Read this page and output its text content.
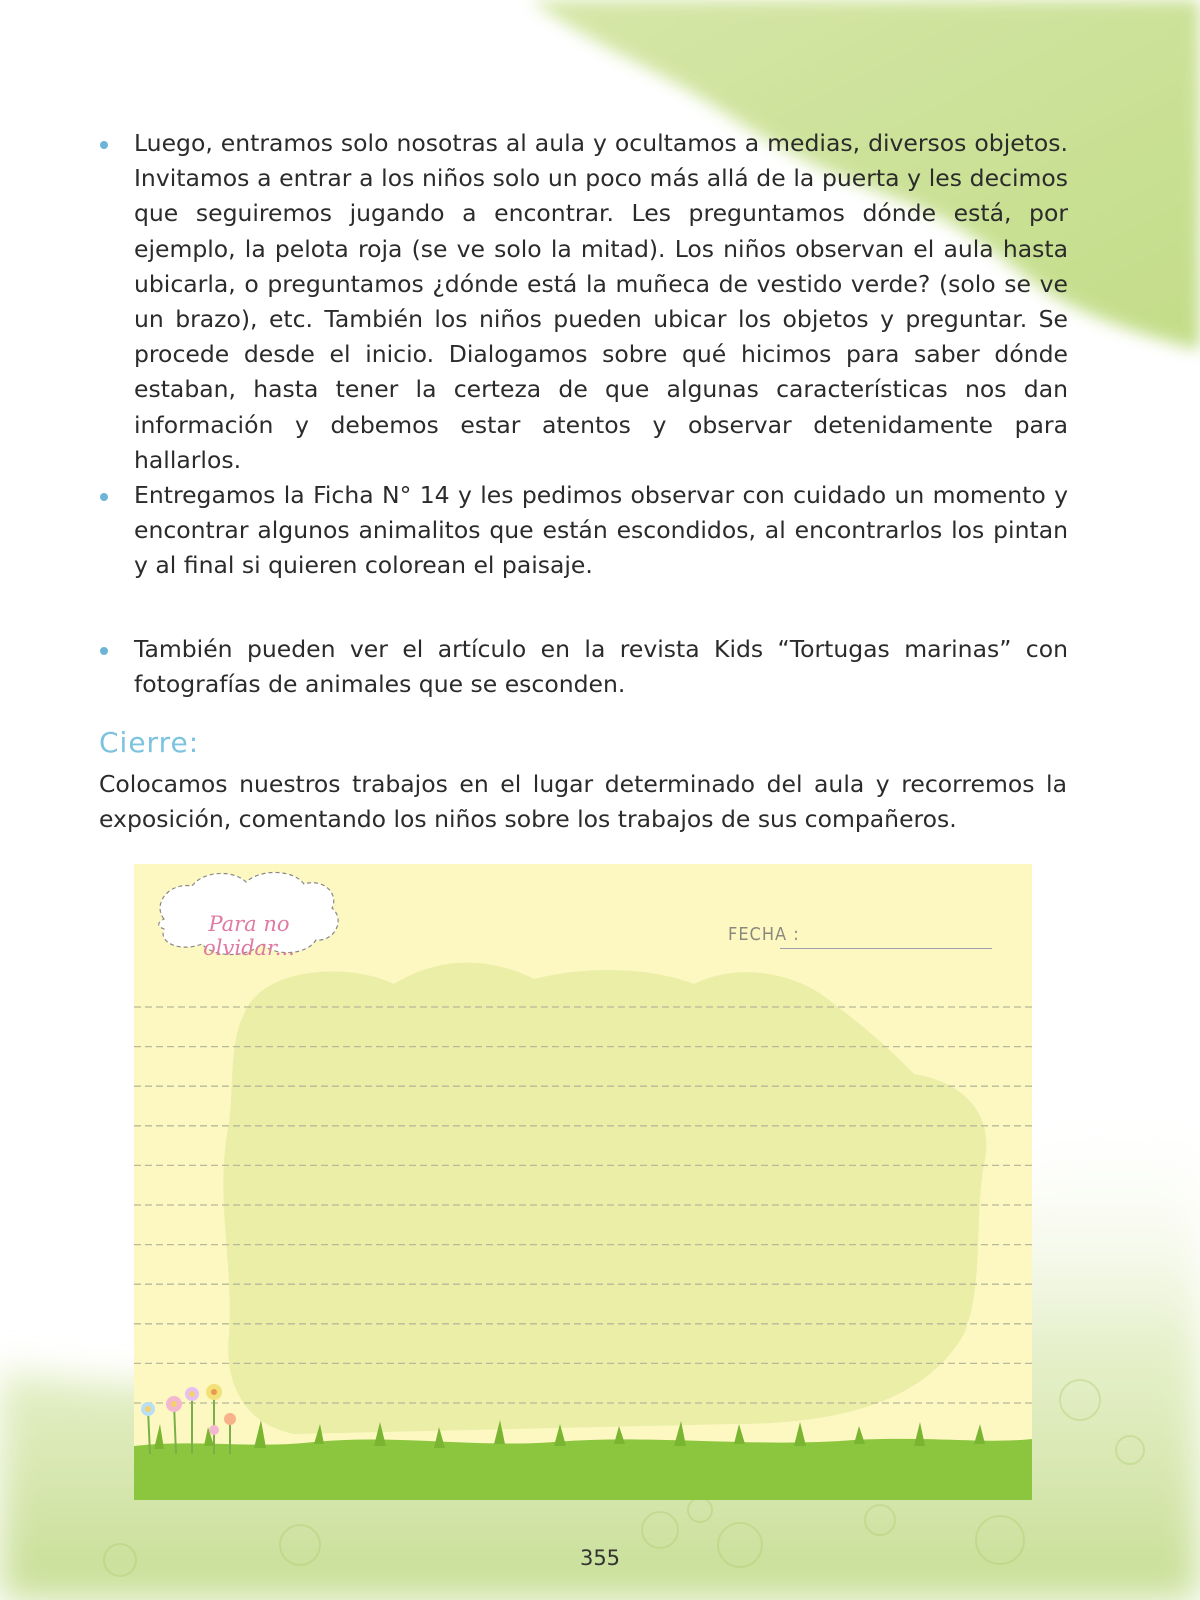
Luego, entramos solo nosotras al aula y ocultamos a medias, diversos objetos. Invitamos a entrar a los niños solo un poco más allá de la puerta y les decimos que seguiremos jugando a encontrar. Les preguntamos dónde está, por ejemplo, la pelota roja (se ve solo la mitad). Los niños observan el aula hasta ubicarla, o preguntamos ¿dónde está la muñeca de vestido verde? (solo se ve un brazo), etc. También los niños pueden ubicar los objetos y preguntar. Se procede desde el inicio. Dialogamos sobre qué hicimos para saber dónde estaban, hasta tener la certeza de que algunas características nos dan información y debemos estar atentos y observar detenidamente para hallarlos.
Entregamos la Ficha N° 14 y les pedimos observar con cuidado un momento y encontrar algunos animalitos que están escondidos, al encontrarlos los pintan y al final si quieren colorean el paisaje.
También pueden ver el artículo en la revista Kids “Tortugas marinas” con fotografías de animales que se esconden.
Cierre:
Colocamos nuestros trabajos en el lugar determinado del aula y recorremos la exposición, comentando los niños sobre los trabajos de sus compañeros.
Para no olvidar...
FECHA :
355
